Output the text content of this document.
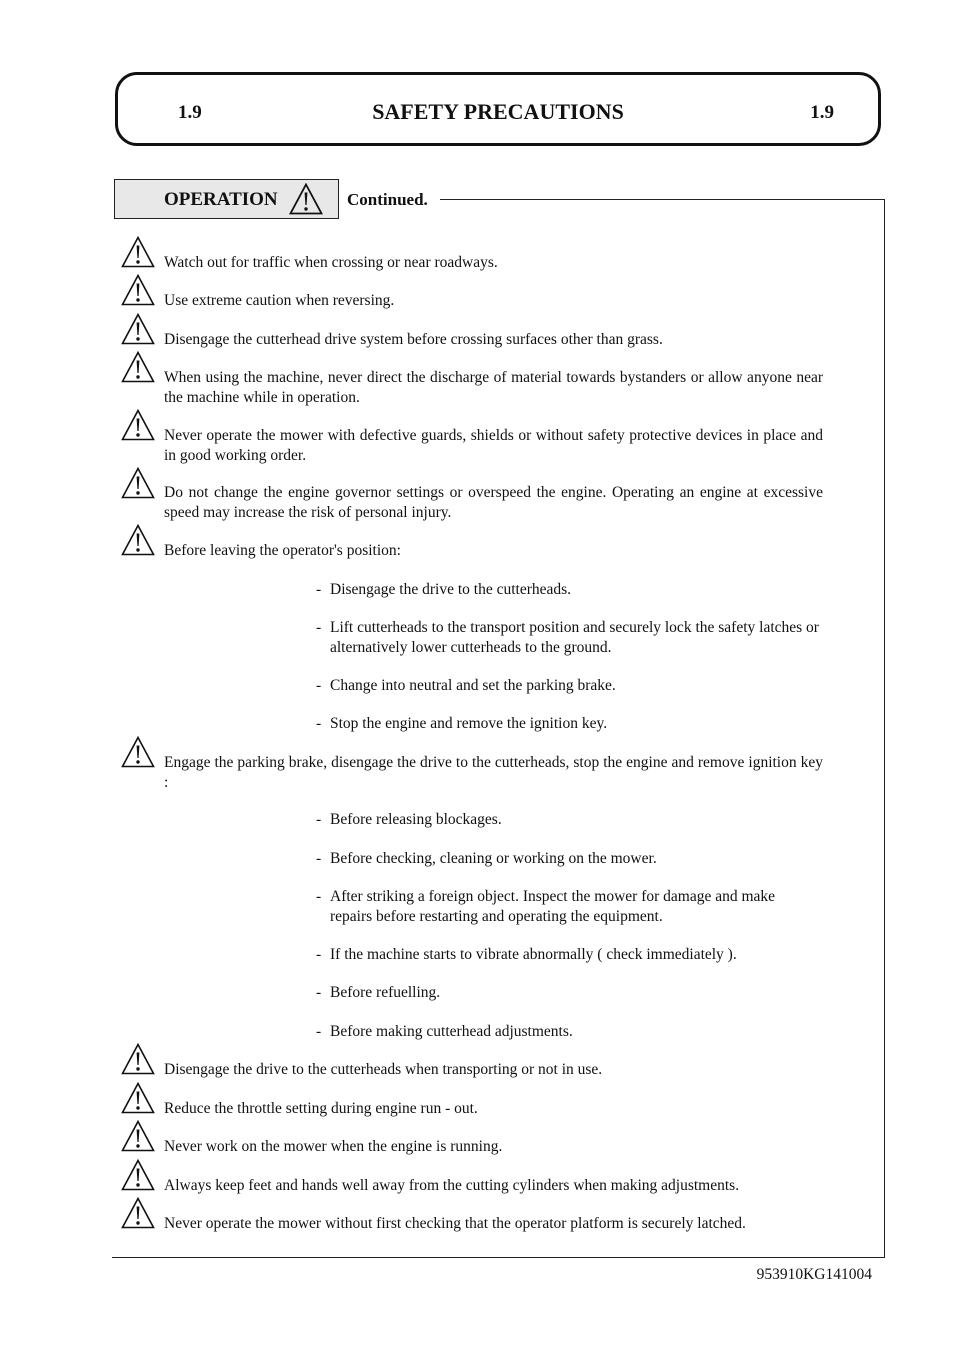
1.9	SAFETY PRECAUTIONS	1.9
OPERATION	Continued.
Watch out for traffic when crossing or near roadways.
Use extreme caution when reversing.
Disengage the cutterhead drive system before crossing surfaces other than grass.
When using the machine, never direct the discharge of material towards bystanders or allow anyone near the machine while in operation.
Never operate the mower with defective guards, shields or without safety protective devices in place and in good working order.
Do not change the engine governor settings or overspeed the engine. Operating an engine at excessive speed may increase the risk of personal injury.
Before leaving the operator's position:
- Disengage the drive to the cutterheads.
- Lift cutterheads to the transport position and securely lock the safety latches or alternatively lower cutterheads to the ground.
- Change into neutral and set the parking brake.
- Stop the engine and remove the ignition key.
Engage the parking brake, disengage the drive to the cutterheads, stop the engine and remove ignition key :
- Before releasing blockages.
- Before checking, cleaning or working on the mower.
- After striking a foreign object. Inspect the mower for damage and make repairs before restarting and operating the equipment.
- If the machine starts to vibrate abnormally ( check immediately ).
- Before refuelling.
- Before making cutterhead adjustments.
Disengage the drive to the cutterheads when transporting or not in use.
Reduce the throttle setting during engine run - out.
Never work on the mower when the engine is running.
Always keep feet and hands well away from the cutting cylinders when making adjustments.
Never operate the mower without first checking that the operator platform is securely latched.
953910KG141004
